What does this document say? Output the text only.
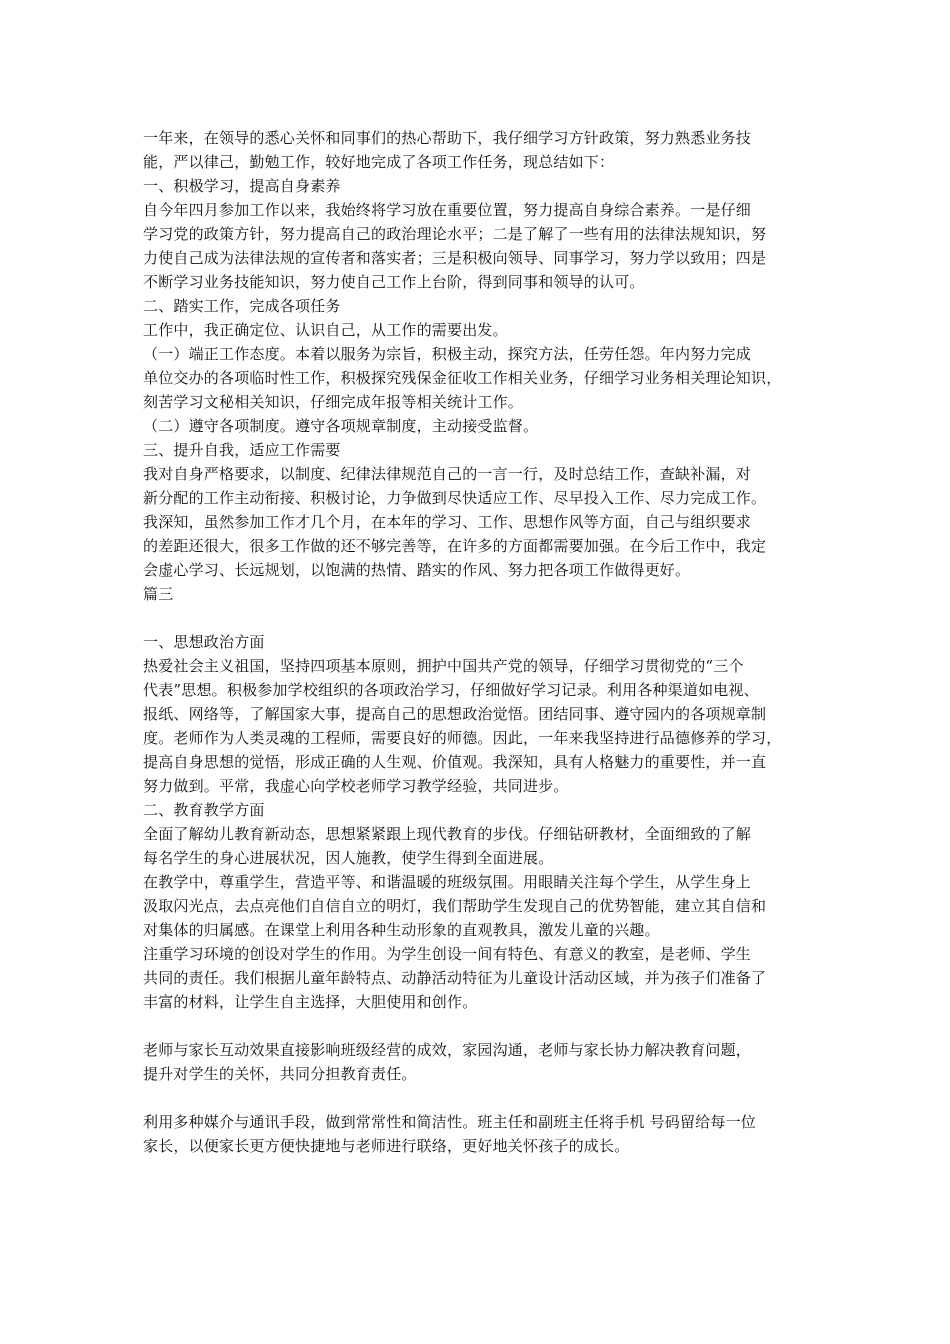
一年来，在领导的悉心关怀和同事们的热心帮助下，我仔细学习方针政策，努力熟悉业务技
能，严以律己，勤勉工作，较好地完成了各项工作任务，现总结如下：
一、积极学习，提高自身素养
自今年四月参加工作以来，我始终将学习放在重要位置，努力提高自身综合素养。一是仔细
学习党的政策方针，努力提高自己的政治理论水平；二是了解了一些有用的法律法规知识，努
力使自己成为法律法规的宣传者和落实者；三是积极向领导、同事学习，努力学以致用；四是
不断学习业务技能知识，努力使自己工作上台阶，得到同事和领导的认可。
二、踏实工作，完成各项任务
工作中，我正确定位、认识自己，从工作的需要出发。
（一）端正工作态度。本着以服务为宗旨，积极主动，探究方法，任劳任怨。年内努力完成
单位交办的各项临时性工作，积极探究残保金征收工作相关业务，仔细学习业务相关理论知识，
刻苦学习文秘相关知识，仔细完成年报等相关统计工作。
（二）遵守各项制度。遵守各项规章制度，主动接受监督。
三、提升自我，适应工作需要
我对自身严格要求，以制度、纪律法律规范自己的一言一行，及时总结工作，查缺补漏，对
新分配的工作主动衔接、积极讨论，力争做到尽快适应工作、尽早投入工作、尽力完成工作。
我深知，虽然参加工作才几个月，在本年的学习、工作、思想作风等方面，自己与组织要求
的差距还很大，很多工作做的还不够完善等，在许多的方面都需要加强。在今后工作中，我定
会虚心学习、长远规划，以饱满的热情、踏实的作风、努力把各项工作做得更好。
篇三
一、思想政治方面
热爱社会主义祖国，坚持四项基本原则，拥护中国共产党的领导，仔细学习贯彻党的“三个
代表”思想。积极参加学校组织的各项政治学习，仔细做好学习记录。利用各种渠道如电视、
报纸、网络等，了解国家大事，提高自己的思想政治觉悟。团结同事、遵守园内的各项规章制
度。老师作为人类灵魂的工程师，需要良好的师德。因此，一年来我坚持进行品德修养的学习，
提高自身思想的觉悟，形成正确的人生观、价值观。我深知，具有人格魅力的重要性，并一直
努力做到。平常，我虚心向学校老师学习教学经验，共同进步。
二、教育教学方面
全面了解幼儿教育新动态，思想紧紧跟上现代教育的步伐。仔细钻研教材，全面细致的了解
每名学生的身心进展状况，因人施教，使学生得到全面进展。
在教学中，尊重学生，营造平等、和谐温暖的班级氛围。用眼睛关注每个学生，从学生身上
汲取闪光点，去点亮他们自信自立的明灯，我们帮助学生发现自己的优势智能，建立其自信和
对集体的归属感。在课堂上利用各种生动形象的直观教具，激发儿童的兴趣。
注重学习环境的创设对学生的作用。为学生创设一间有特色、有意义的教室，是老师、学生
共同的责任。我们根据儿童年龄特点、动静活动特征为儿童设计活动区域，并为孩子们准备了
丰富的材料，让学生自主选择，大胆使用和创作。
老师与家长互动效果直接影响班级经营的成效，家园沟通，老师与家长协力解决教育问题，
提升对学生的关怀，共同分担教育责任。
利用多种媒介与通讯手段，做到常常性和简洁性。班主任和副班主任将手机 号码留给每一位
家长，以便家长更方便快捷地与老师进行联络，更好地关怀孩子的成长。
